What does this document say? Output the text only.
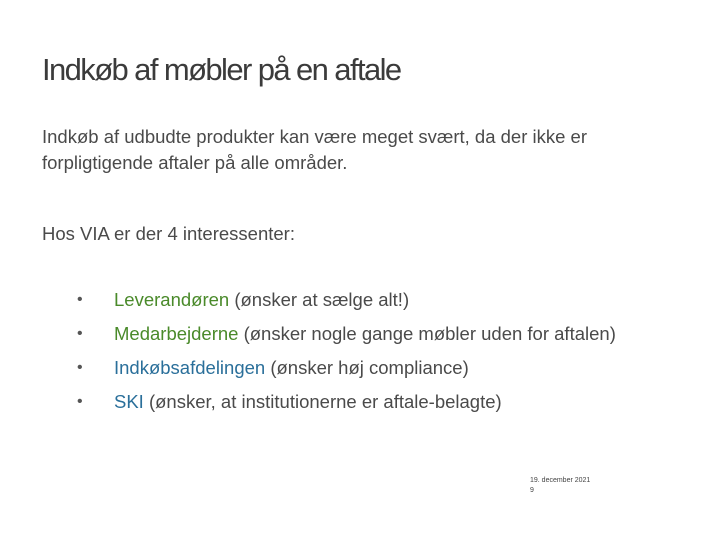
Indkøb af møbler på en aftale
Indkøb af udbudte produkter kan være meget svært, da der ikke er forpligtigende aftaler på alle områder.
Hos VIA er der 4 interessenter:
• Leverandøren (ønsker at sælge alt!)
• Medarbejderne (ønsker nogle gange møbler uden for aftalen)
• Indkøbsafdelingen (ønsker høj compliance)
• SKI (ønsker, at institutionerne er aftale-belagte)
19. december 2021
9
